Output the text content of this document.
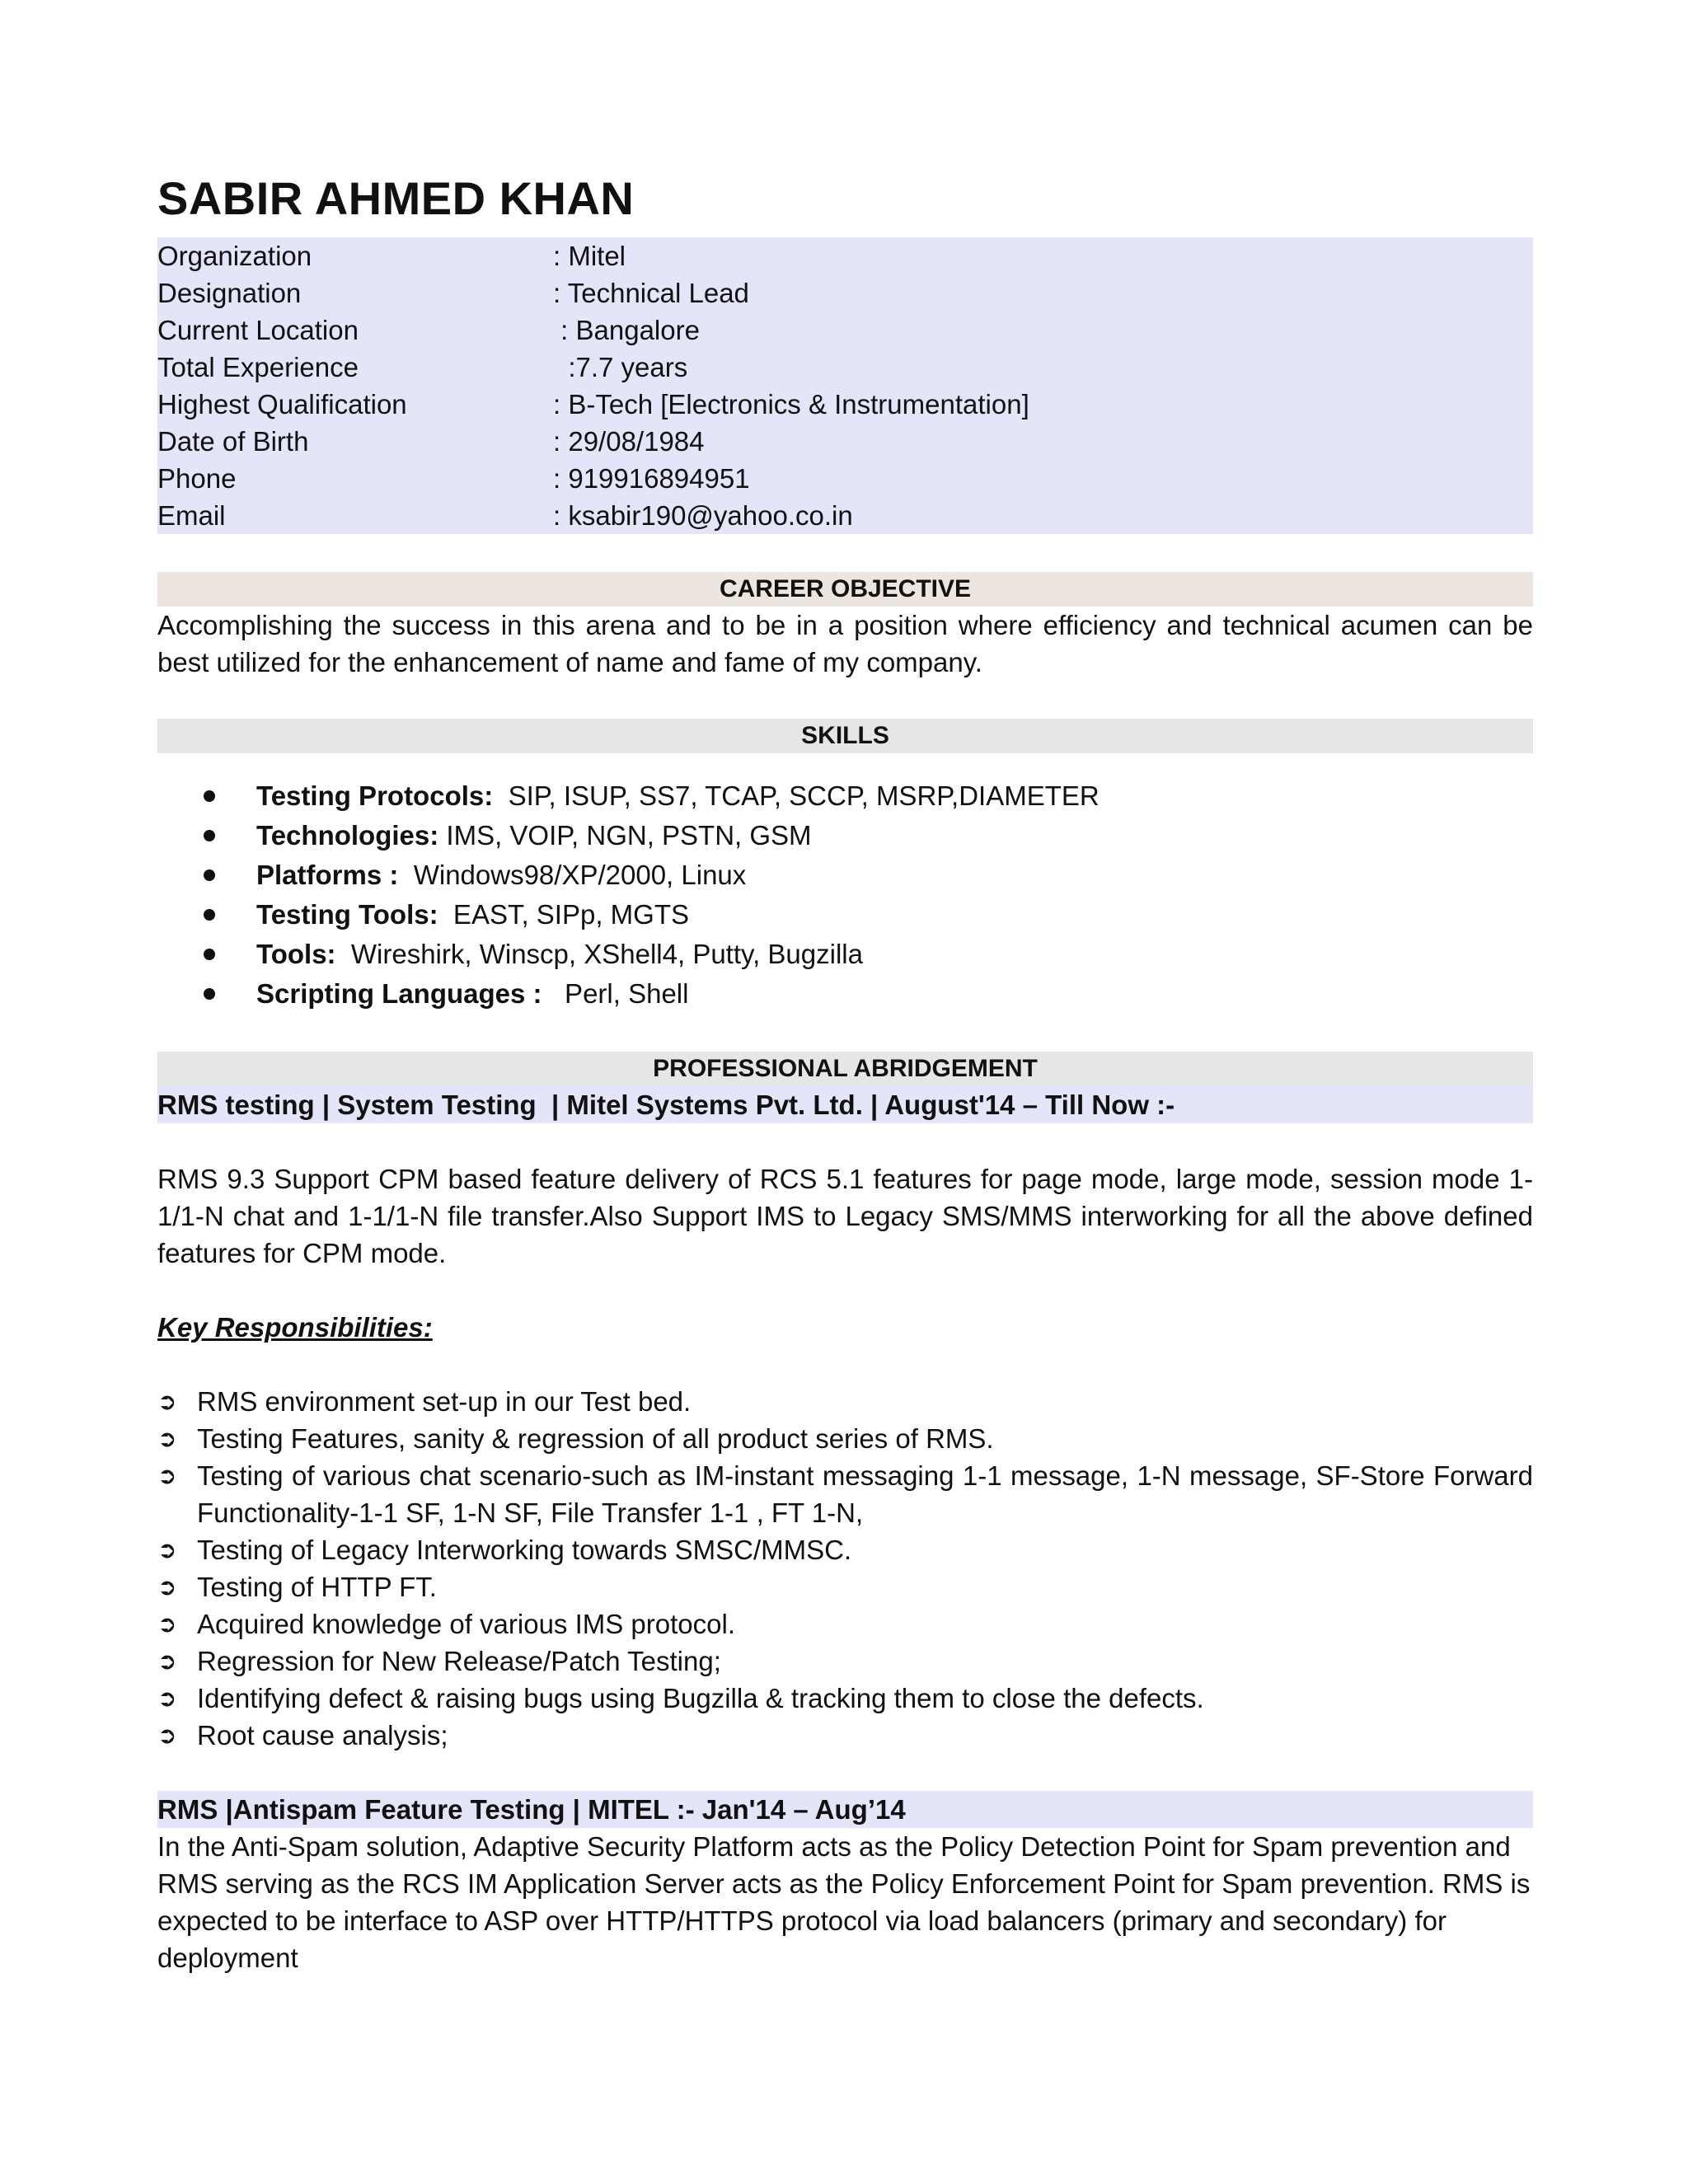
SABIR AHMED KHAN
Organization	: Mitel
Designation	: Technical Lead
Current Location	: Bangalore
Total Experience	:7.7 years
Highest Qualification	: B-Tech [Electronics & Instrumentation]
Date of Birth	: 29/08/1984
Phone	: 919916894951
Email	: ksabir190@yahoo.co.in
CAREER OBJECTIVE

Accomplishing the success in this arena and to be in a position where efficiency and technical acumen can be best utilized for the enhancement of name and fame of my company.

SKILLS
Testing Protocols:  SIP, ISUP, SS7, TCAP, SCCP, MSRP,DIAMETER
Technologies: IMS, VOIP, NGN, PSTN, GSM
Platforms :  Windows98/XP/2000, Linux
Testing Tools:  EAST, SIPp, MGTS
Tools:  Wireshirk, Winscp, XShell4, Putty, Bugzilla
Scripting Languages :   Perl, Shell
PROFESSIONAL ABRIDGEMENT
RMS testing | System Testing  | Mitel Systems Pvt. Ltd. | August'14 – Till Now :-

RMS 9.3 Support CPM based feature delivery of RCS 5.1 features for page mode, large mode, session mode 1-1/1-N chat and 1-1/1-N file transfer.Also Support IMS to Legacy SMS/MMS interworking for all the above defined features for CPM mode.

Key Responsibilities:

➲ RMS environment set-up in our Test bed.
➲ Testing Features, sanity & regression of all product series of RMS.
➲ Testing of various chat scenario-such as IM-instant messaging 1-1 message, 1-N message, SF-Store Forward Functionality-1-1 SF, 1-N SF, File Transfer 1-1 , FT 1-N,
➲ Testing of Legacy Interworking towards SMSC/MMSC.
➲ Testing of HTTP FT.
➲ Acquired knowledge of various IMS protocol.
➲ Regression for New Release/Patch Testing;
➲ Identifying defect & raising bugs using Bugzilla & tracking them to close the defects.
➲ Root cause analysis;
RMS |Antispam Feature Testing | MITEL :- Jan'14 – Aug’14

In the Anti-Spam solution, Adaptive Security Platform acts as the Policy Detection Point for Spam prevention and RMS serving as the RCS IM Application Server acts as the Policy Enforcement Point for Spam prevention. RMS is expected to be interface to ASP over HTTP/HTTPS protocol via load balancers (primary and secondary) for deployment
